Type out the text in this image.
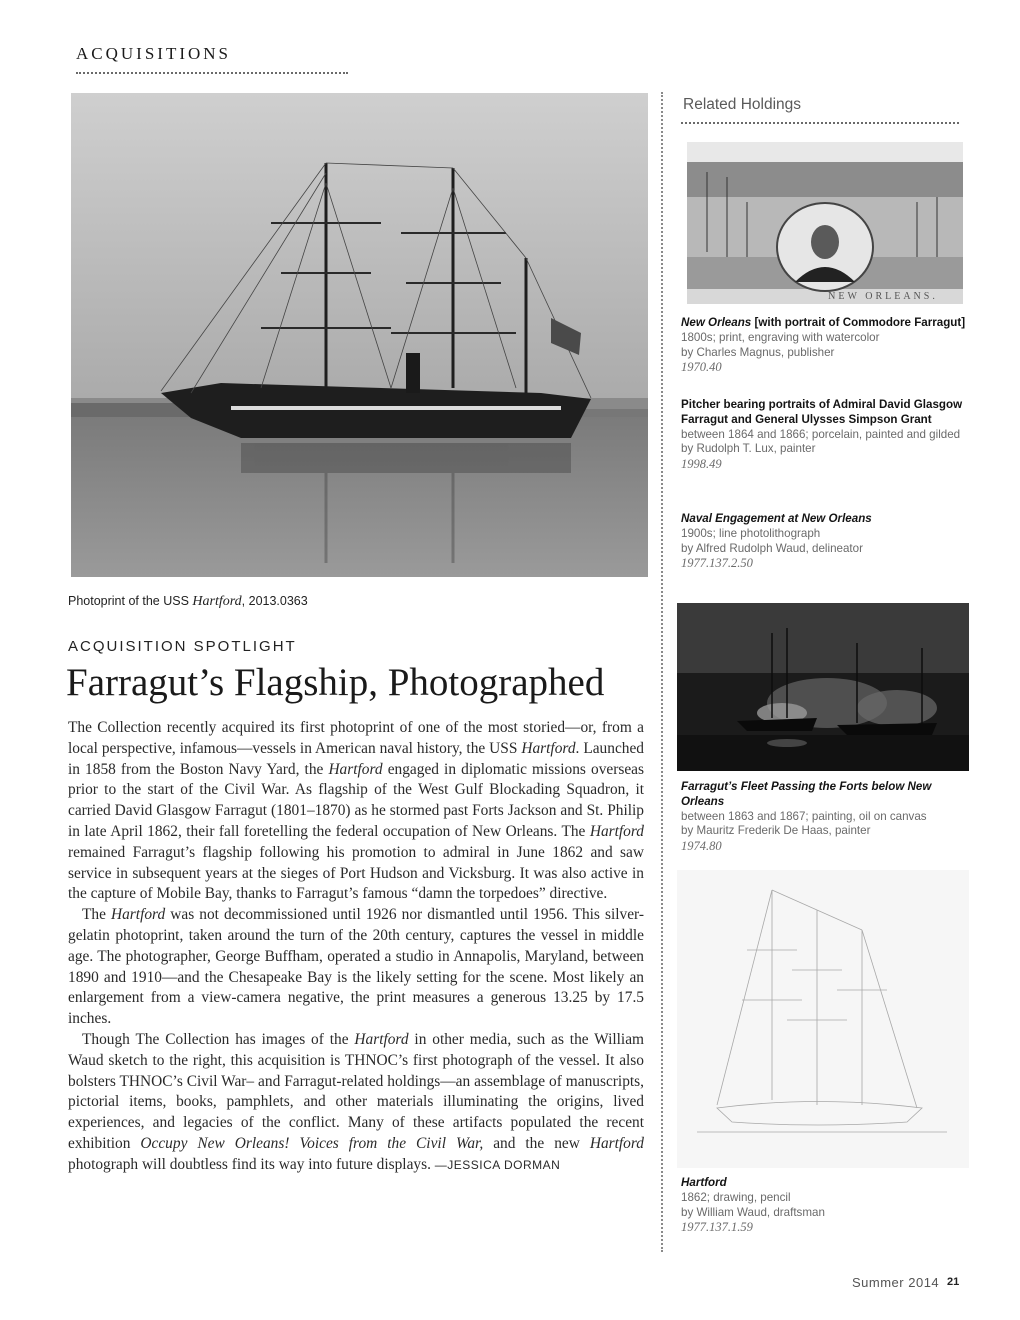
ACQUISITIONS
Photoprint of the USS Hartford, 2013.0363
ACQUISITION SPOTLIGHT
Farragut’s Flagship, Photographed

The Collection recently acquired its first photoprint of one of the most storied—or, from a local perspective, infamous—vessels in American naval history, the USS Hartford. Launched in 1858 from the Boston Navy Yard, the Hartford engaged in diplomatic missions overseas prior to the start of the Civil War. As flagship of the West Gulf Blockading Squadron, it carried David Glasgow Farragut (1801–1870) as he stormed past Forts Jackson and St. Philip in late April 1862, their fall foretelling the federal occupation of New Orleans. The Hartford remained Farragut’s flagship following his promotion to admiral in June 1862 and saw service in subsequent years at the sieges of Port Hudson and Vicksburg. It was also active in the capture of Mobile Bay, thanks to Farragut’s famous “damn the torpedoes” directive.

The Hartford was not decommissioned until 1926 nor dismantled until 1956. This silver-gelatin photoprint, taken around the turn of the 20th century, captures the vessel in middle age. The photographer, George Buffham, operated a studio in Annapolis, Maryland, between 1890 and 1910—and the Chesapeake Bay is the likely setting for the scene. Most likely an enlargement from a view-camera negative, the print measures a generous 13.25 by 17.5 inches.

Though The Collection has images of the Hartford in other media, such as the William Waud sketch to the right, this acquisition is THNOC’s first photograph of the vessel. It also bolsters THNOC’s Civil War– and Farragut-related holdings—an assemblage of manuscripts, pictorial items, books, pamphlets, and other materials illuminating the origins, lived experiences, and legacies of the conflict. Many of these artifacts populated the recent exhibition Occupy New Orleans! Voices from the Civil War, and the new Hartford photograph will doubtless find its way into future displays. —JESSICA DORMAN

Related Holdings
NEW ORLEANS.
New Orleans [with portrait of Commodore Farragut]
1800s; print, engraving with watercolor
by Charles Magnus, publisher
1970.40
Pitcher bearing portraits of Admiral David Glasgow Farragut and General Ulysses Simpson Grant
between 1864 and 1866; porcelain, painted and gilded
by Rudolph T. Lux, painter
1998.49
Naval Engagement at New Orleans
1900s; line photolithograph
by Alfred Rudolph Waud, delineator
1977.137.2.50
Farragut’s Fleet Passing the Forts below New Orleans
between 1863 and 1867; painting, oil on canvas
by Mauritz Frederik De Haas, painter
1974.80
Hartford
1862; drawing, pencil
by William Waud, draftsman
1977.137.1.59
Summer 2014 21
